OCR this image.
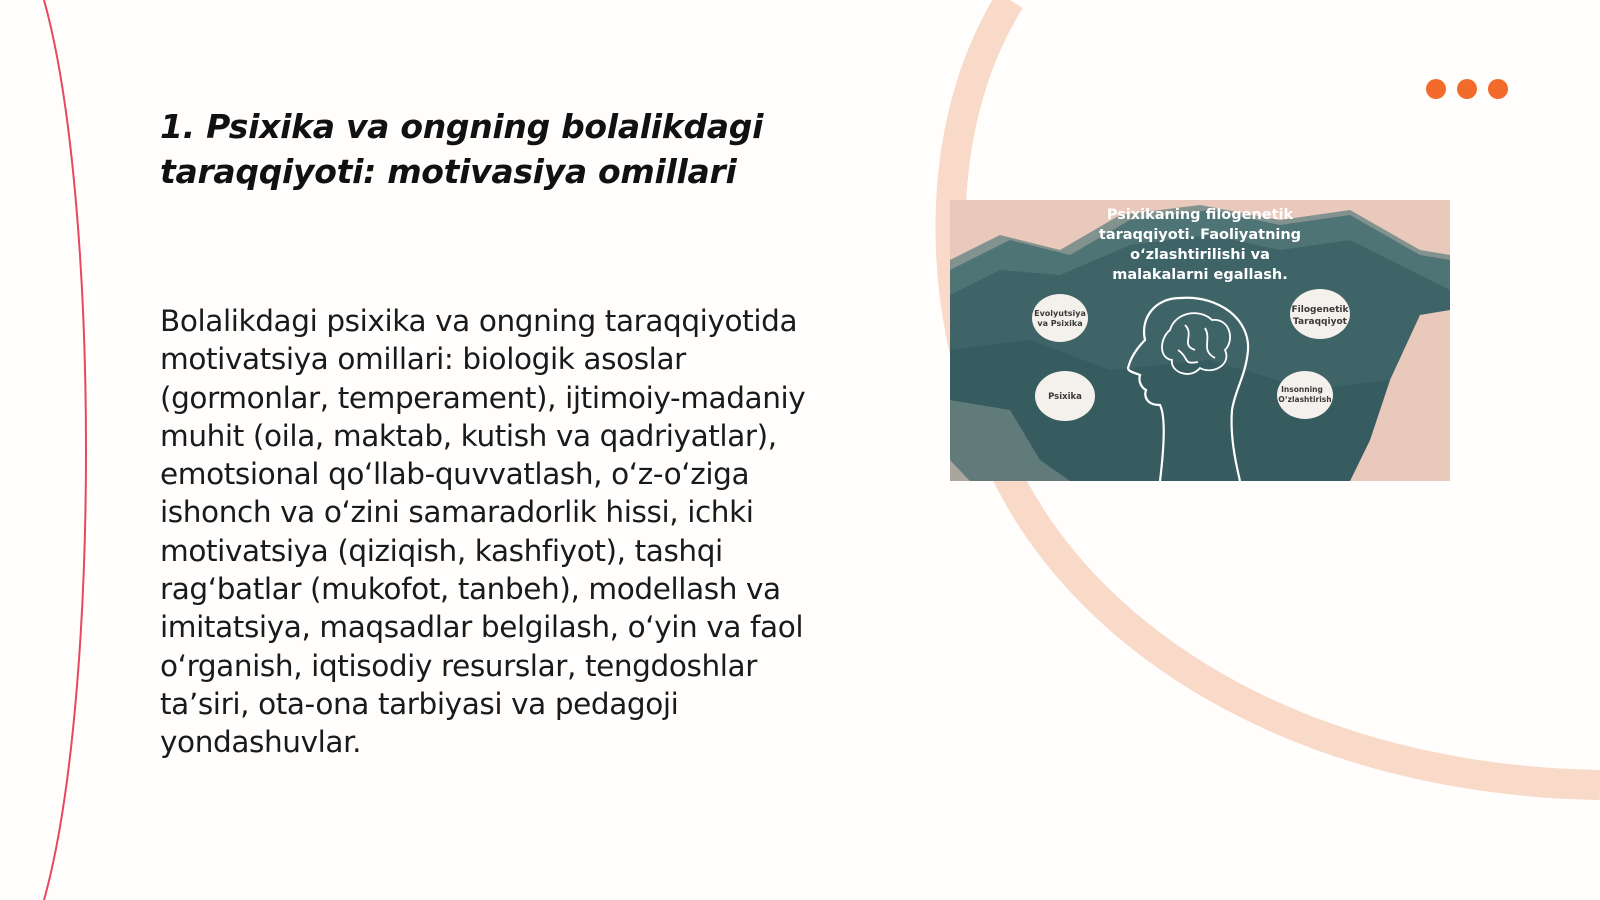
1. Psixika va ongning bolalikdagi taraqqiyoti: motivasiya omillari

Bolalikdagi psixika va ongning taraqqiyotida motivatsiya omillari: biologik asoslar (gormonlar, temperament), ijtimoiy-madaniy muhit (oila, maktab, kutish va qadriyatlar), emotsional qo‘llab-quvvatlash, o‘z-o‘ziga ishonch va o‘zini samaradorlik hissi, ichki motivatsiya (qiziqish, kashfiyot), tashqi rag‘batlar (mukofot, tanbeh), modellash va imitatsiya, maqsadlar belgilash, o‘yin va faol o‘rganish, iqtisodiy resurslar, tengdoshlar ta’siri, ota-ona tarbiyasi va pedagoji yondashuvlar.

Psixikaning filogenetik
taraqqiyoti. Faoliyatning
o‘zlashtirilishi va
malakalarni egallash.
Evolyutsiya
va Psixika
Filogenetik
Taraqqiyot
Psixika
Insonning
O‘zlashtirish
